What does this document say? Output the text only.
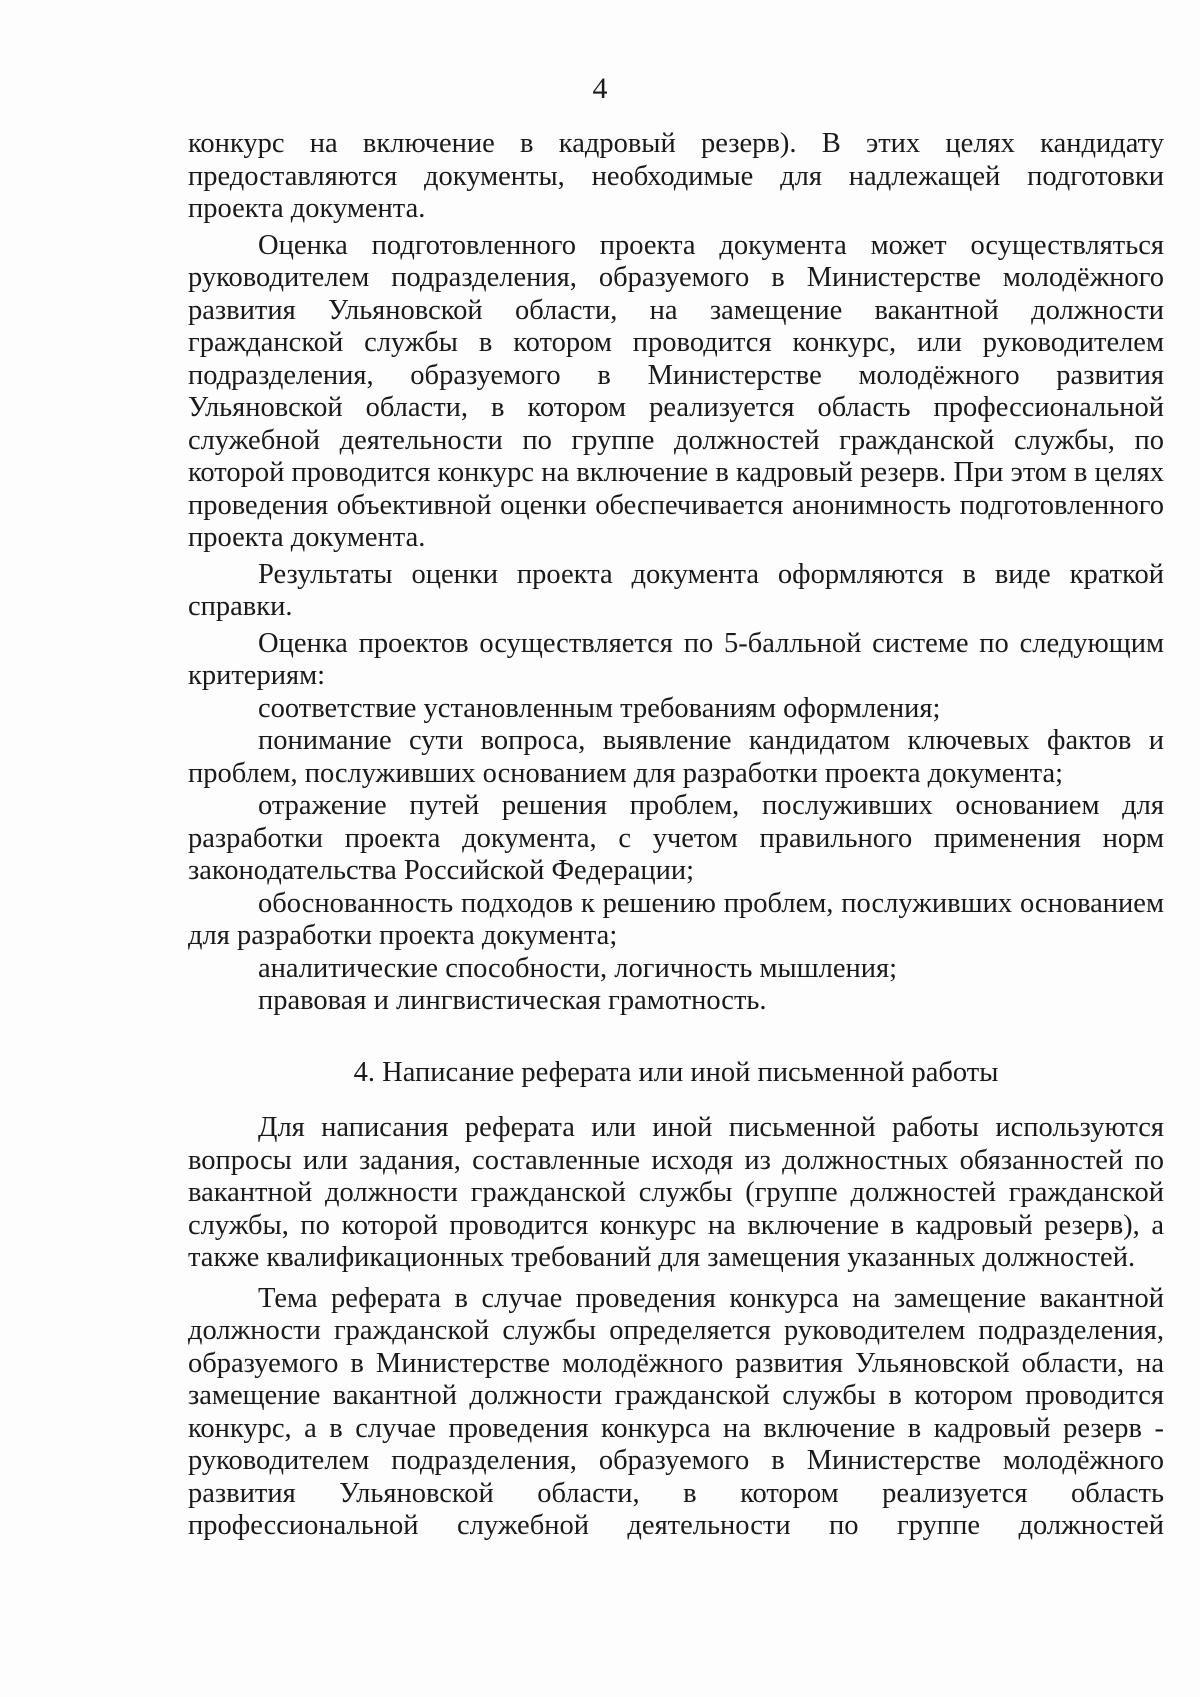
4

конкурс на включение в кадровый резерв). В этих целях кандидату предоставляются документы, необходимые для надлежащей подготовки проекта документа.

Оценка подготовленного проекта документа может осуществляться руководителем подразделения, образуемого в Министерстве молодёжного развития Ульяновской области, на замещение вакантной должности гражданской службы в котором проводится конкурс, или руководителем подразделения, образуемого в Министерстве молодёжного развития Ульяновской области, в котором реализуется область профессиональной служебной деятельности по группе должностей гражданской службы, по которой проводится конкурс на включение в кадровый резерв. При этом в целях проведения объективной оценки обеспечивается анонимность подготовленного проекта документа.

Результаты оценки проекта документа оформляются в виде краткой справки.

Оценка проектов осуществляется по 5-балльной системе по следующим критериям:

соответствие установленным требованиям оформления;

понимание сути вопроса, выявление кандидатом ключевых фактов и проблем, послуживших основанием для разработки проекта документа;

отражение путей решения проблем, послуживших основанием для разработки проекта документа, с учетом правильного применения норм законодательства Российской Федерации;

обоснованность подходов к решению проблем, послуживших основанием для разработки проекта документа;

аналитические способности, логичность мышления;

правовая и лингвистическая грамотность.

4. Написание реферата или иной письменной работы

Для написания реферата или иной письменной работы используются вопросы или задания, составленные исходя из должностных обязанностей по вакантной должности гражданской службы (группе должностей гражданской службы, по которой проводится конкурс на включение в кадровый резерв), а также квалификационных требований для замещения указанных должностей.

Тема реферата в случае проведения конкурса на замещение вакантной должности гражданской службы определяется руководителем подразделения, образуемого в Министерстве молодёжного развития Ульяновской области, на замещение вакантной должности гражданской службы в котором проводится конкурс, а в случае проведения конкурса на включение в кадровый резерв - руководителем подразделения, образуемого в Министерстве молодёжного развития Ульяновской области, в котором реализуется область профессиональной служебной деятельности по группе должностей
